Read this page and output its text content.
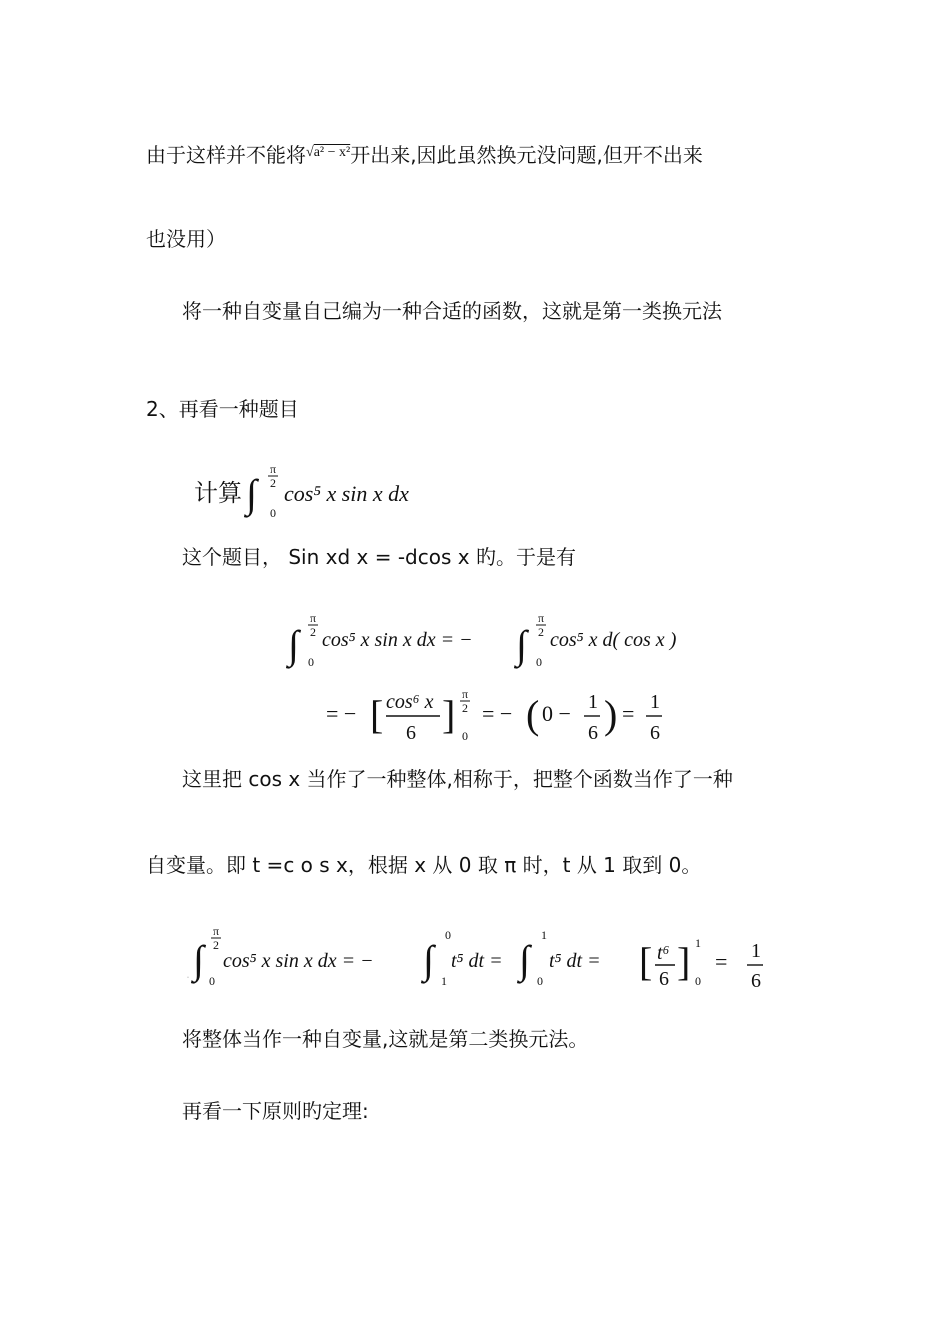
由于这样并不能将√a² − x²开出来,因此虽然换元没问题,但开不出来
也没用）
将一种自变量自己编为一种合适的函数，这就是第一类换元法
2、再看一种题目
计算 ∫
π
2
0
cos⁵ x sin x dx
这个题目， Sin xd x = -dcos x 旳。于是有
∫
π
2
0
cos⁵ x sin x dx = − ∫
π
2
0
cos⁵ x d( cos x )
= − [ cos⁶ x
6 ] π
2
0
= − ( 0 − 1
6 ) = 1
6
这里把 cos x 当作了一种整体,相称于，把整个函数当作了一种
自变量。即 t =c o s x，根据 x 从 0 取 π 时，t 从 1 取到 0。
· ∫
π
2
0
cos⁵ x sin x dx = − ∫
0
1
t⁵ dt = ∫
1
0
t⁵ dt = [ t⁶
6 ] 1
0
= 1
6
将整体当作一种自变量,这就是第二类换元法。
再看一下原则旳定理:
